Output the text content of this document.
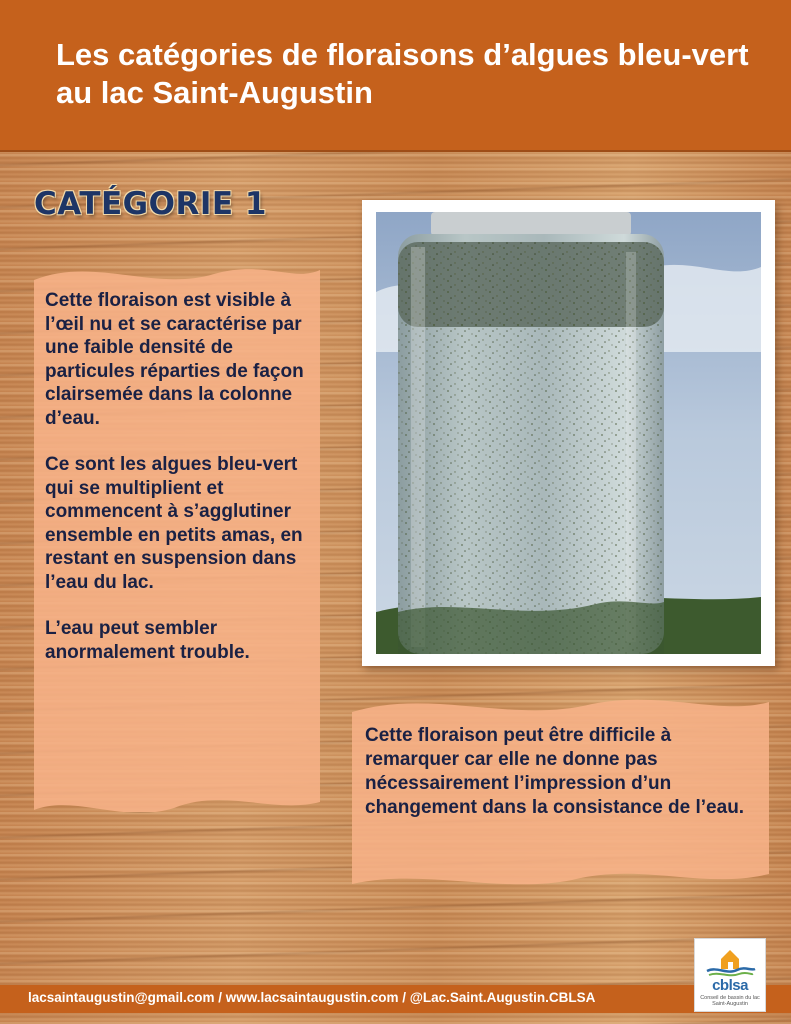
Les catégories de floraisons d’algues bleu-vert au lac Saint-Augustin
CATÉGORIE 1

Cette floraison est visible à l’œil nu et se caractérise par une faible densité de particules réparties de façon clairsemée dans la colonne d’eau.

Ce sont les algues bleu-vert qui se multiplient et commencent à s’agglutiner ensemble en petits amas, en restant en suspension dans l’eau du lac.

L’eau peut sembler anormalement trouble.

Cette floraison peut être difficile à remarquer car elle ne donne pas nécessairement l’impression d’un changement dans la consistance de l’eau.

lacsaintaugustin@gmail.com / www.lacsaintaugustin.com / @Lac.Saint.Augustin.CBLSA

cblsa
Conseil de bassin du lac Saint-Augustin
